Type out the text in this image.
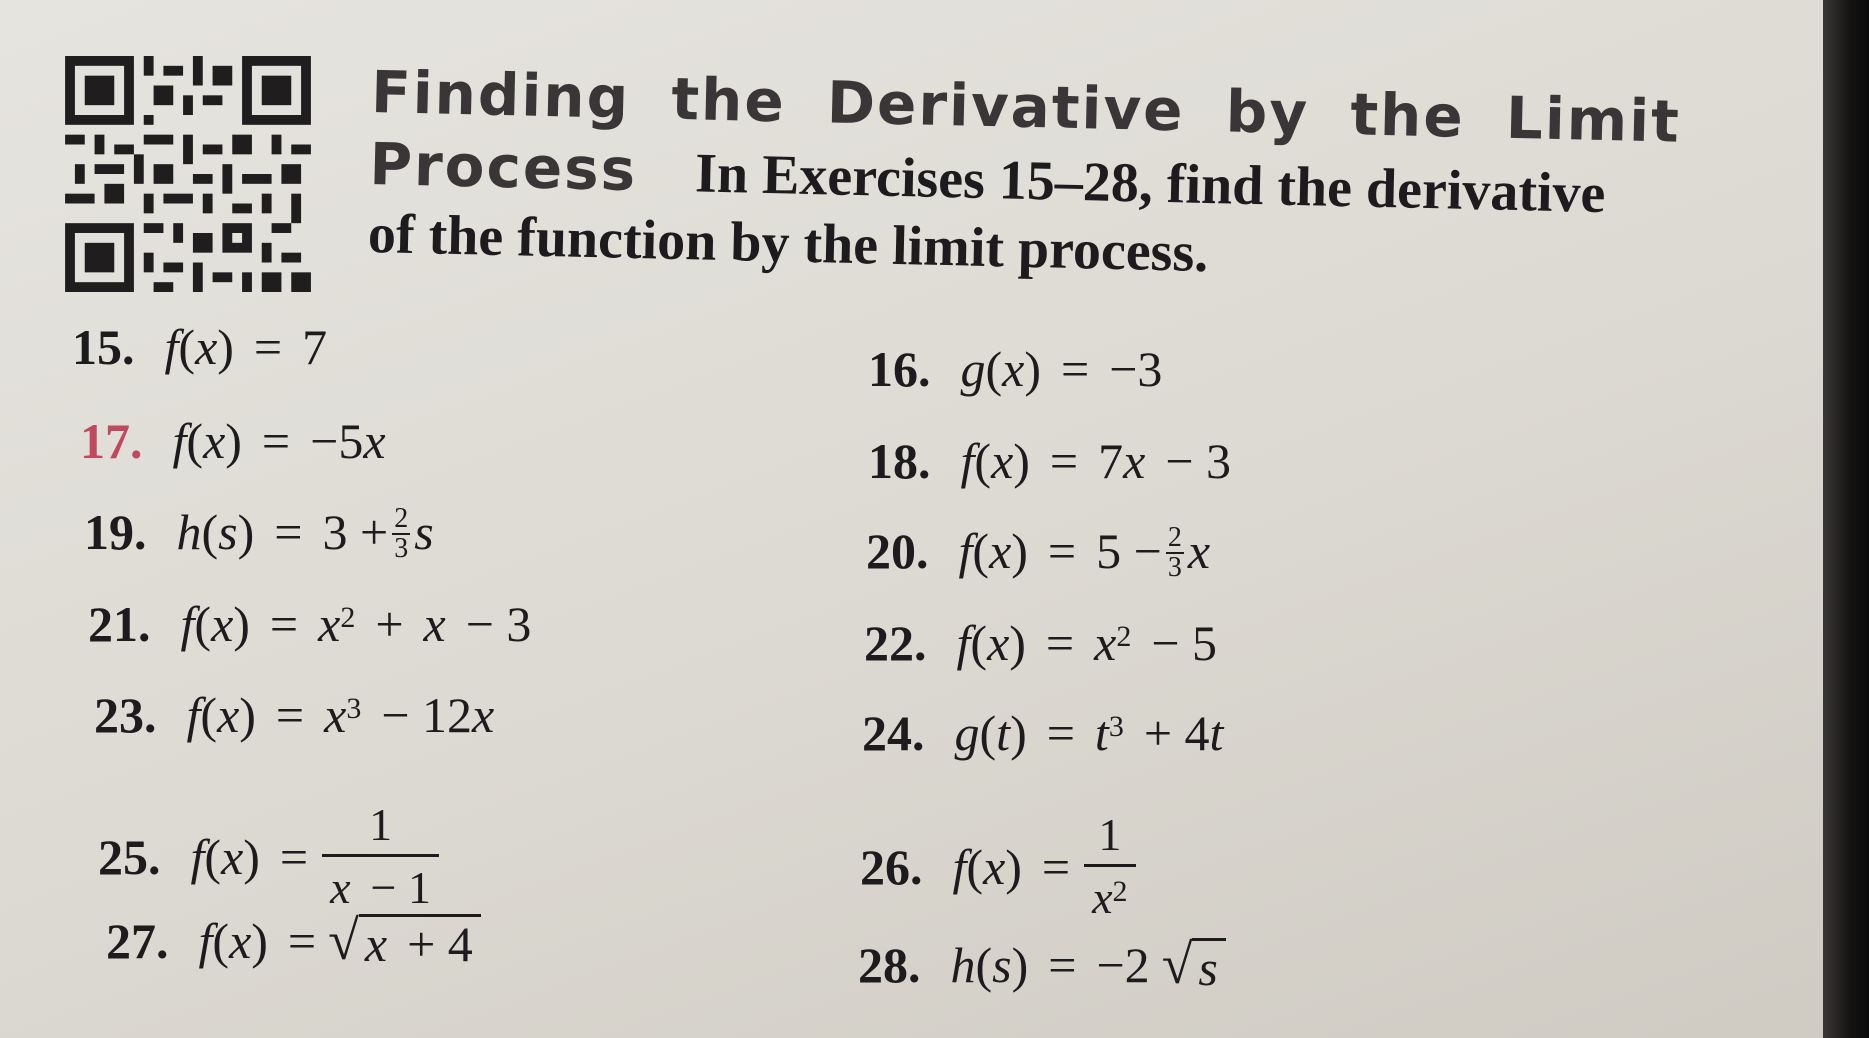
Finding the Derivative by the Limit
Process In Exercises 15–28, find the derivative
of the function by the limit process.
15. f ( x ) = 7
17. f ( x ) = −5 x
19. h ( s ) = $3 + \frac{2}{3}$ s
21. f ( x ) = $x^2 + x - 3$
23. f ( x ) = $x^3 - 12$ x
25. f ( x ) = $\frac{1}{x - 1}$
27. f ( x ) = √ x + 4
16. g ( x ) = −3
18. f ( x ) = 7 x − 3
20. f ( x ) = $5 - \frac{2}{3}$ x
22. f ( x ) = $x^2 - 5$
24. g ( t ) = $t^3 + 4$ t
26. f ( x ) = $\frac{1}{x^2}$
28. h ( s ) = −2 √ s
